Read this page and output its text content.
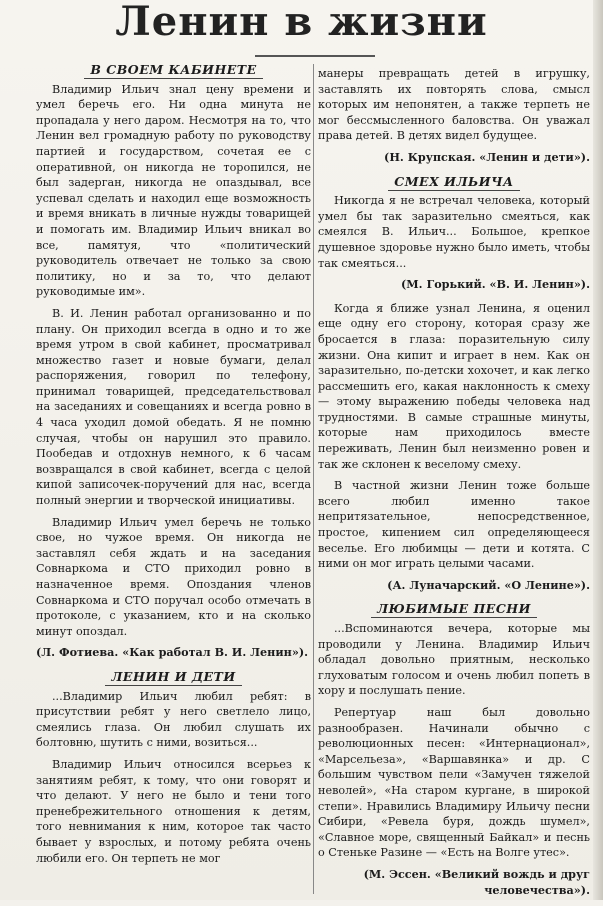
Ленин в жизни
В СВОЕМ КАБИНЕТЕ

Владимир Ильич знал цену времени и умел беречь его. Ни одна минута не пропадала у него даром. Несмотря на то, что Ленин вел громадную работу по руководству партией и государством, сочетая ее с оперативной, он никогда не торопился, не был задерган, никогда не опаздывал, все успевал сделать и находил еще возможность и время вникать в личные нужды товарищей и помогать им. Владимир Ильич вникал во все, памятуя, что «политический руководитель отвечает не только за свою политику, но и за то, что делают руководимые им».

В. И. Ленин работал организованно и по плану. Он приходил всегда в одно и то же время утром в свой кабинет, просматривал множество газет и новые бумаги, делал распоряжения, говорил по телефону, принимал товарищей, председательствовал на заседаниях и совещаниях и всегда ровно в 4 часа уходил домой обедать. Я не помню случая, чтобы он нарушил это правило. Пообедав и отдохнув немного, к 6 часам возвращался в свой кабинет, всегда с целой кипой записочек-поручений для нас, всегда полный энергии и творческой инициативы.

Владимир Ильич умел беречь не только свое, но чужое время. Он никогда не заставлял себя ждать и на заседания Совнаркома и СТО приходил ровно в назначенное время. Опоздания членов Совнаркома и СТО поручал особо отмечать в протоколе, с указанием, кто и на сколько минут опоздал.

(Л. Фотиева. «Как работал В. И. Ленин»).

ЛЕНИН И ДЕТИ

...Владимир Ильич любил ребят: в присутствии ребят у него светлело лицо, смеялись глаза. Он любил слушать их болтовню, шутить с ними, возиться...

Владимир Ильич относился всерьез к занятиям ребят, к тому, что они говорят и что делают. У него не было и тени того пренебрежительного отношения к детям, того невнимания к ним, которое так часто бывает у взрослых, и потому ребята очень любили его. Он терпеть не мог

манеры превращать детей в игрушку, заставлять их повторять слова, смысл которых им непонятен, а также терпеть не мог бессмысленного баловства. Он уважал права детей. В детях видел будущее.

(Н. Крупская. «Ленин и дети»).

СМЕХ ИЛЬИЧА

Никогда я не встречал человека, который умел бы так заразительно смеяться, как смеялся В. Ильич... Большое, крепкое душевное здоровье нужно было иметь, чтобы так смеяться...

(М. Горький. «В. И. Ленин»).

Когда я ближе узнал Ленина, я оценил еще одну его сторону, которая сразу же бросается в глаза: поразительную силу жизни. Она кипит и играет в нем. Как он заразительно, по-детски хохочет, и как легко рассмешить его, какая наклонность к смеху — этому выражению победы человека над трудностями. В самые страшные минуты, которые нам приходилось вместе переживать, Ленин был неизменно ровен и так же склонен к веселому смеху.

В частной жизни Ленин тоже больше всего любил именно такое непритязательное, непосредственное, простое, кипением сил определяющееся веселье. Его любимцы — дети и котята. С ними он мог играть целыми часами.

(А. Луначарский. «О Ленине»).

ЛЮБИМЫЕ ПЕСНИ

...Вспоминаются вечера, которые мы проводили у Ленина. Владимир Ильич обладал довольно приятным, несколько глуховатым голосом и очень любил попеть в хору и послушать пение.

Репертуар наш был довольно разнообразен. Начинали обычно с революционных песен: «Интернационал», «Марсельеза», «Варшавянка» и др. С большим чувством пели «Замучен тяжелой неволей», «На старом кургане, в широкой степи». Нравились Владимиру Ильичу песни Сибири, «Ревела буря, дождь шумел», «Славное море, священный Байкал» и песнь о Стеньке Разине — «Есть на Волге утес».

(М. Эссен. «Великий вождь и друг человечества»).
